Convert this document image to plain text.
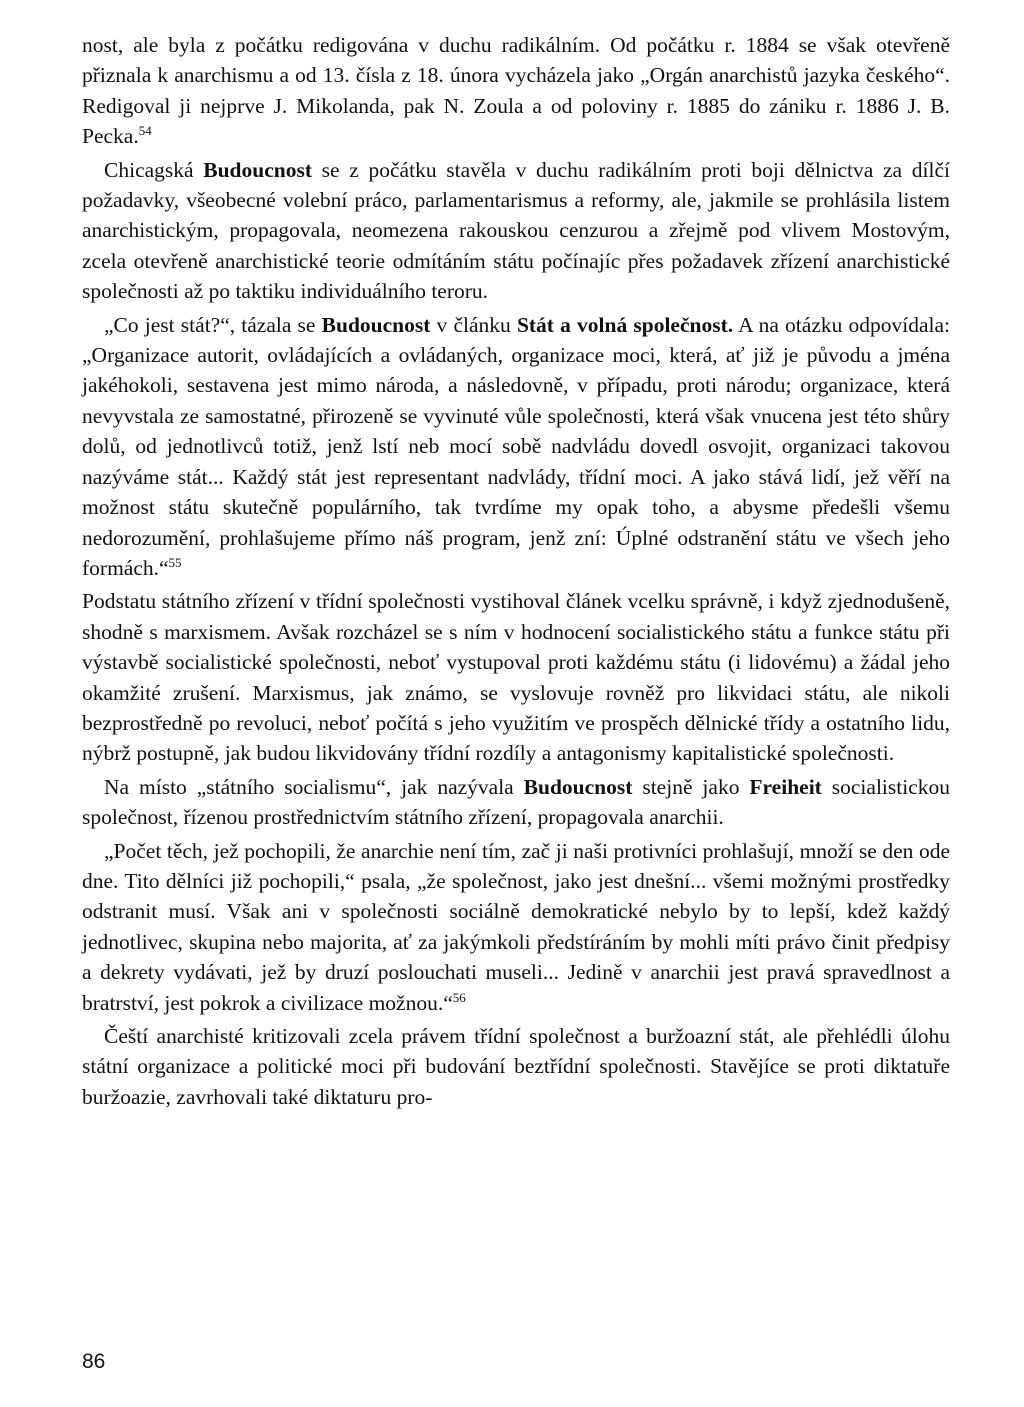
nost, ale byla z počátku redigována v duchu radikálním. Od počátku r. 1884 se však otevřeně přiznala k anarchismu a od 13. čísla z 18. února vycházela jako „Orgán anarchistů jazyka českého“. Redigoval ji nejprve J. Mikolanda, pak N. Zoula a od poloviny r. 1885 do zániku r. 1886 J. B. Pecka.$^{54}$

Chicagská Budoucnost se z počátku stavěla v duchu radikálním proti boji dělnictva za dílčí požadavky, všeobecné volební práco, parlamentarismus a reformy, ale, jakmile se prohlásila listem anarchistickým, propagovala, neomezena rakouskou cenzurou a zřejmě pod vlivem Mostovým, zcela otevřeně anarchistické teorie odmítáním státu počínajíc přes požadavek zřízení anarchistické společnosti až po taktiku individuálního teroru.

„Co jest stát?“, tázala se Budoucnost v článku Stát a volná společnost. A na otázku odpovídala: „Organizace autorit, ovládajících a ovládaných, organizace moci, která, ať již je původu a jména jakéhokoli, sestavena jest mimo národa, a následovně, v případu, proti národu; organizace, která nevyvstala ze samostatné, přirozeně se vyvinuté vůle společnosti, která však vnucena jest této shůry dolů, od jednotlivců totiž, jenž lstí neb mocí sobě nadvládu dovedl osvojit, organizaci takovou nazýváme stát... Každý stát jest representant nadvlády, třídní moci. A jako stává lidí, jež věří na možnost státu skutečně populárního, tak tvrdíme my opak toho, a abysme předešli všemu nedorozumění, prohlašujeme přímo náš program, jenž zní: Úplné odstranění státu ve všech jeho formách.“$^{55}$

Podstatu státního zřízení v třídní společnosti vystihoval článek vcelku správně, i když zjednodušeně, shodně s marxismem. Avšak rozcházel se s ním v hodnocení socialistického státu a funkce státu při výstavbě socialistické společnosti, neboť vystupoval proti každému státu (i lidovému) a žádal jeho okamžité zrušení. Marxismus, jak známo, se vyslovuje rovněž pro likvidaci státu, ale nikoli bezprostředně po revoluci, neboť počítá s jeho využitím ve prospěch dělnické třídy a ostatního lidu, nýbrž postupně, jak budou likvidovány třídní rozdíly a antagonismy kapitalistické společnosti.

Na místo „státního socialismu“, jak nazývala Budoucnost stejně jako Freiheit socialistickou společnost, řízenou prostřednictvím státního zřízení, propagovala anarchii.

„Počet těch, jež pochopili, že anarchie není tím, zač ji naši protivníci prohlašují, množí se den ode dne. Tito dělníci již pochopili,“ psala, „že společnost, jako jest dnešní... všemi možnými prostředky odstranit musí. Však ani v společnosti sociálně demokratické nebylo by to lepší, kdež každý jednotlivec, skupina nebo majorita, ať za jakýmkoli předstíráním by mohli míti právo činit předpisy a dekrety vydávati, jež by druzí poslouchati museli... Jedině v anarchii jest pravá spravedlnost a bratrství, jest pokrok a civilizace možnou.“$^{56}$

Čeští anarchisté kritizovali zcela právem třídní společnost a buržoazní stát, ale přehlédli úlohu státní organizace a politické moci při budování beztřídní společnosti. Stavějíce se proti diktatuře buržoazie, zavrhovali také diktaturu pro-

86
